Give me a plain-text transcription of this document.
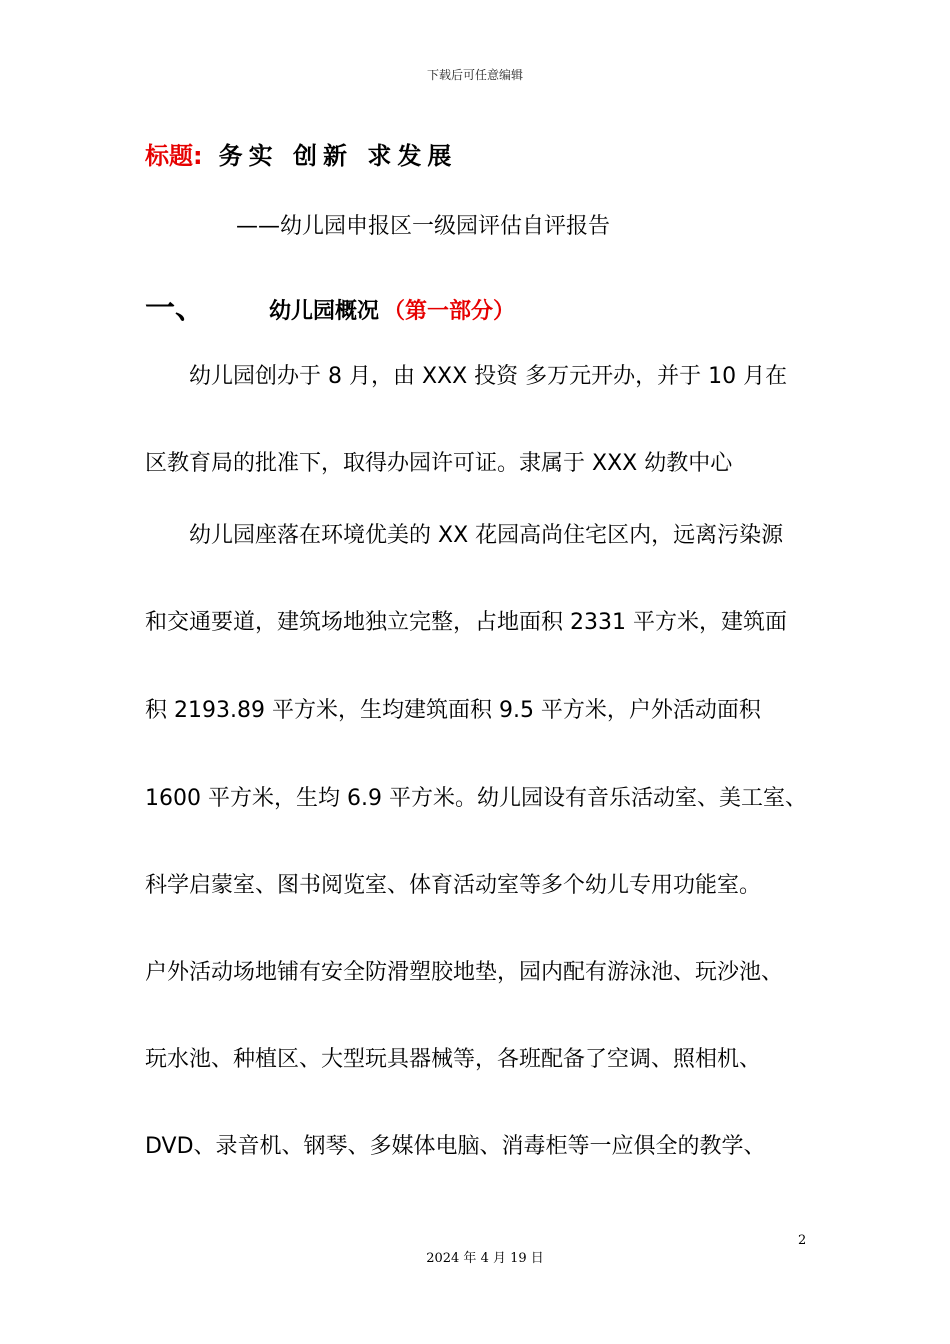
下载后可任意编辑
标题: 务实 创新 求发展
——幼儿园申报区一级园评估自评报告
一、	幼儿园概况 （第一部分）
幼儿园创办于 8 月，由 XXX 投资 多万元开办，并于 10 月在
区教育局的批准下，取得办园许可证。隶属于 XXX 幼教中心
幼儿园座落在环境优美的 XX 花园高尚住宅区内，远离污染源
和交通要道，建筑场地独立完整，占地面积 2331 平方米，建筑面
积 2193.89 平方米，生均建筑面积 9.5 平方米，户外活动面积
1600 平方米，生均 6.9 平方米。幼儿园设有音乐活动室、美工室、
科学启蒙室、图书阅览室、体育活动室等多个幼儿专用功能室。
户外活动场地铺有安全防滑塑胶地垫，园内配有游泳池、玩沙池、
玩水池、种植区、大型玩具器械等，各班配备了空调、照相机、
DVD、录音机、钢琴、多媒体电脑、消毒柜等一应俱全的教学、
2
2024 年 4 月 19 日
